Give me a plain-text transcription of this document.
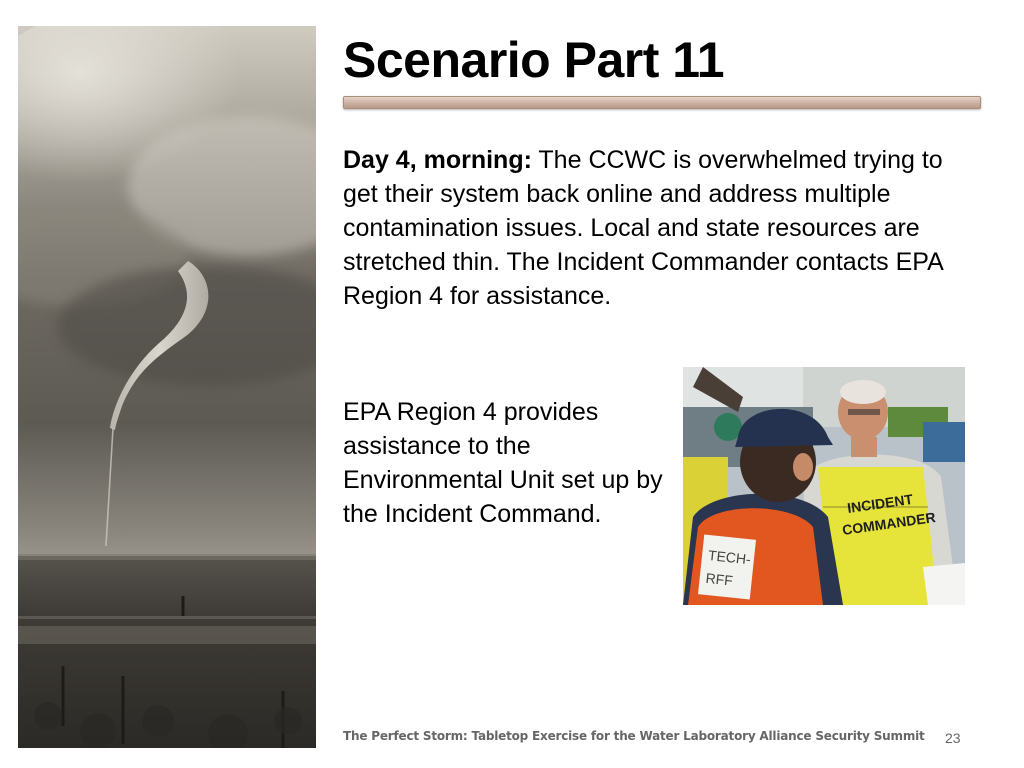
Scenario Part 11
Day 4, morning: The CCWC is overwhelmed trying to get their system back online and address multiple contamination issues. Local and state resources are stretched thin. The Incident Commander contacts EPA Region 4 for assistance.
EPA Region 4 provides assistance to the Environmental Unit set up by the Incident Command.	INCIDENT
COMMANDER
TECH-
RFF
The Perfect Storm: Tabletop Exercise for the Water Laboratory Alliance Security Summit 23
